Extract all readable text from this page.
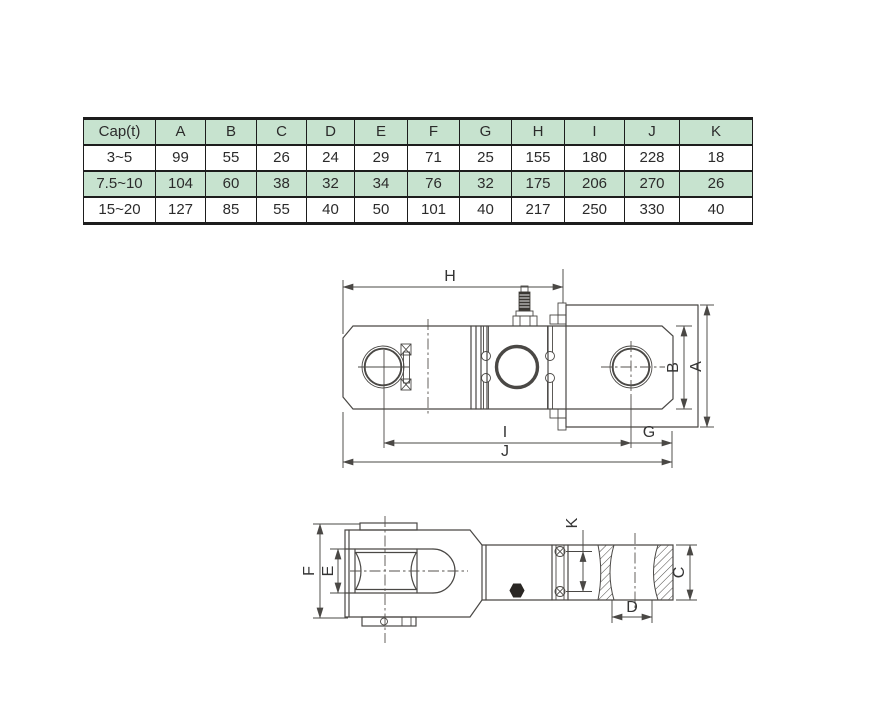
Cap(t)	A	B	C	D	E	F	G	H	I	J	K
3~5	99	55	26	24	29	71	25	155	180	228	18
7.5~10	104	60	38	32	34	76	32	175	206	270	26
15~20	127	85	55	40	50	101	40	217	250	330	40
H
B A
I	G
J
F E
K
C
D
